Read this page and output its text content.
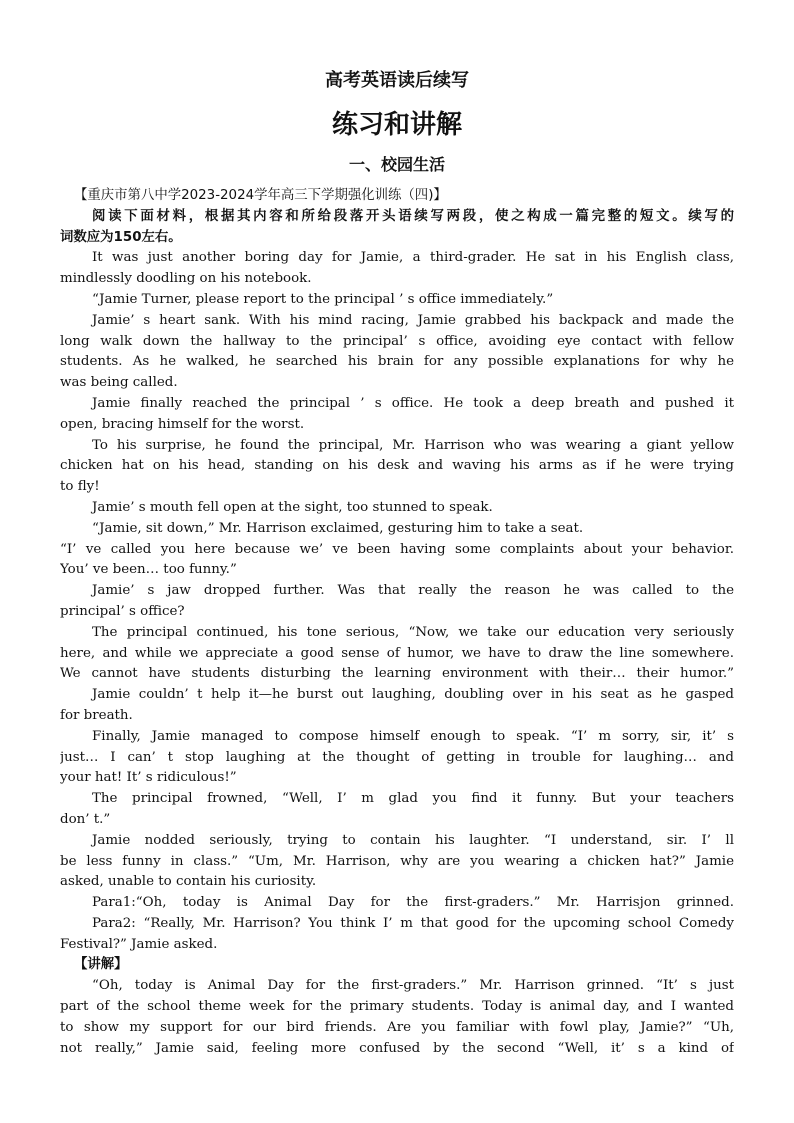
高考英语读后续写
练习和讲解
一、校园生活
【重庆市第八中学2023-2024学年高三下学期强化训练（四)】
阅读下面材料，根据其内容和所给段落开头语续写两段，使之构成一篇完整的短文。续写的
词数应为150左右。
It was just another boring day for Jamie, a third-grader. He sat in his English class,
mindlessly doodling on his notebook.
“Jamie Turner, please report to the principal ’ s office immediately.”
Jamie’ s heart sank. With his mind racing, Jamie grabbed his backpack and made the
long walk down the hallway to the principal’ s office, avoiding eye contact with fellow
students. As he walked, he searched his brain for any possible explanations for why he
was being called.
Jamie finally reached the principal ’ s office. He took a deep breath and pushed it
open, bracing himself for the worst.
To his surprise, he found the principal, Mr. Harrison who was wearing a giant yellow
chicken hat on his head, standing on his desk and waving his arms as if he were trying
to fly!
Jamie’ s mouth fell open at the sight, too stunned to speak.
“Jamie, sit down,” Mr. Harrison exclaimed, gesturing him to take a seat.
“I’ ve called you here because we’ ve been having some complaints about your behavior.
You’ ve been… too funny.”
Jamie’ s jaw dropped further. Was that really the reason he was called to the
principal’ s office?
The principal continued, his tone serious, “Now, we take our education very seriously
here, and while we appreciate a good sense of humor, we have to draw the line somewhere.
We cannot have students disturbing the learning environment with their… their humor.”
Jamie couldn’ t help it—he burst out laughing, doubling over in his seat as he gasped
for breath.
Finally, Jamie managed to compose himself enough to speak. “I’ m sorry, sir, it’ s
just… I can’ t stop laughing at the thought of getting in trouble for laughing… and
your hat! It’ s ridiculous!”
The principal frowned, “Well, I’ m glad you find it funny. But your teachers
don’ t.”
Jamie nodded seriously, trying to contain his laughter. “I understand, sir. I’ ll
be less funny in class.” “Um, Mr. Harrison, why are you wearing a chicken hat?” Jamie
asked, unable to contain his curiosity.
Para1:“Oh, today is Animal Day for the first-graders.” Mr. Harrisjon grinned.
Para2: “Really, Mr. Harrison? You think I’ m that good for the upcoming school Comedy
Festival?” Jamie asked.
【讲解】
“Oh, today is Animal Day for the first-graders.” Mr. Harrison grinned. “It’ s just
part of the school theme week for the primary students. Today is animal day, and I wanted
to show my support for our bird friends. Are you familiar with fowl play, Jamie?” “Uh,
not really,” Jamie said, feeling more confused by the second “Well, it’ s a kind of
